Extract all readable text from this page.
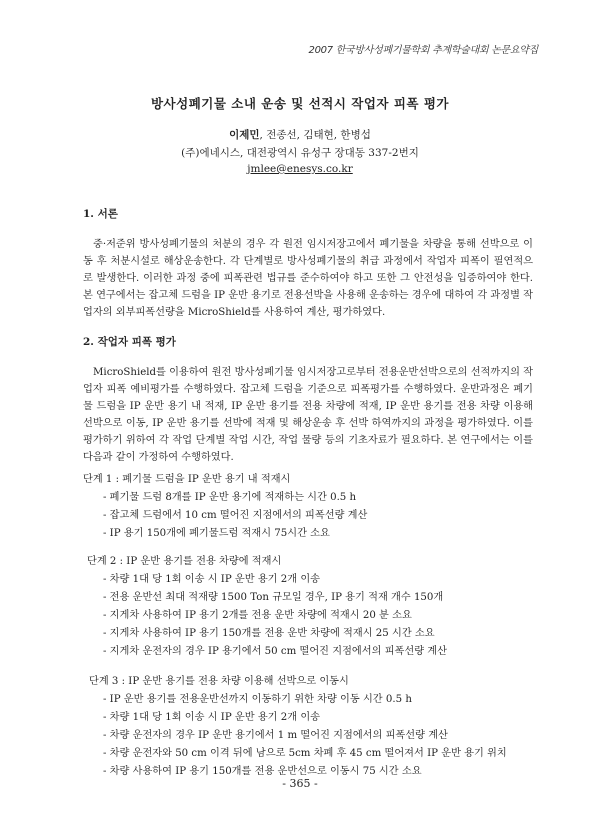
2007 한국방사성폐기물학회 추계학술대회 논문요약집
방사성폐기물 소내 운송 및 선적시 작업자 피폭 평가
이제민, 전종선, 김태현, 한병섭
(주)에네시스, 대전광역시 유성구 장대동 337-2번지
jmlee@enesys.co.kr
1. 서론
중·저준위 방사성폐기물의 처분의 경우 각 원전 임시저장고에서 폐기물을 차량을 통해 선박으로 이동 후 처분시설로 해상운송한다. 각 단계별로 방사성폐기물의 취급 과정에서 작업자 피폭이 필연적으로 발생한다. 이러한 과정 중에 피폭관련 법규를 준수하여야 하고 또한 그 안전성을 입증하여야 한다. 본 연구에서는 잡고체 드럼을 IP 운반 용기로 전용선박을 사용해 운송하는 경우에 대하여 각 과정별 작업자의 외부피폭선량을 MicroShield를 사용하여 계산, 평가하였다.
2. 작업자 피폭 평가
MicroShield를 이용하여 원전 방사성폐기물 임시저장고로부터 전용운반선박으로의 선적까지의 작업자 피폭 예비평가를 수행하였다. 잡고체 드럼을 기준으로 피폭평가를 수행하였다. 운반과정은 폐기물 드럼을 IP 운반 용기 내 적재, IP 운반 용기를 전용 차량에 적재, IP 운반 용기를 전용 차량 이용해 선박으로 이동, IP 운반 용기를 선박에 적재 및 해상운송 후 선박 하역까지의 과정을 평가하였다. 이를 평가하기 위하여 각 작업 단계별 작업 시간, 작업 물량 등의 기초자료가 필요하다. 본 연구에서는 이를 다음과 같이 가정하여 수행하였다.
단계 1 : 폐기물 드럼을 IP 운반 용기 내 적재시
- 폐기물 드럼 8개를 IP 운반 용기에 적재하는 시간 0.5 h
- 잡고체 드럼에서 10 cm 떨어진 지점에서의 피폭선량 계산
- IP 용기 150개에 폐기물드럼 적재시 75시간 소요
단계 2 : IP 운반 용기를 전용 차량에 적재시
- 차량 1대 당 1회 이송 시 IP 운반 용기 2개 이송
- 전용 운반선 최대 적재량 1500 Ton 규모일 경우, IP 용기 적재 개수 150개
- 지게차 사용하여 IP 용기 2개를 전용 운반 차량에 적재시 20 분 소요
- 지게차 사용하여 IP 용기 150개를 전용 운반 차량에 적재시 25 시간 소요
- 지게차 운전자의 경우 IP 용기에서 50 cm 떨어진 지점에서의 피폭선량 계산
단계 3 : IP 운반 용기를 전용 차량 이용해 선박으로 이동시
- IP 운반 용기를 전용운반선까지 이동하기 위한 차량 이동 시간 0.5 h
- 차량 1대 당 1회 이송 시 IP 운반 용기 2개 이송
- 차량 운전자의 경우 IP 운반 용기에서 1 m 떨어진 지점에서의 피폭선량 계산
- 차량 운전자와 50 cm 이격 뒤에 남으로 5cm 차폐 후 45 cm 떨어져서 IP 운반 용기 위치
- 차량 사용하여 IP 용기 150개를 전용 운반선으로 이동시 75 시간 소요
- 365 -
